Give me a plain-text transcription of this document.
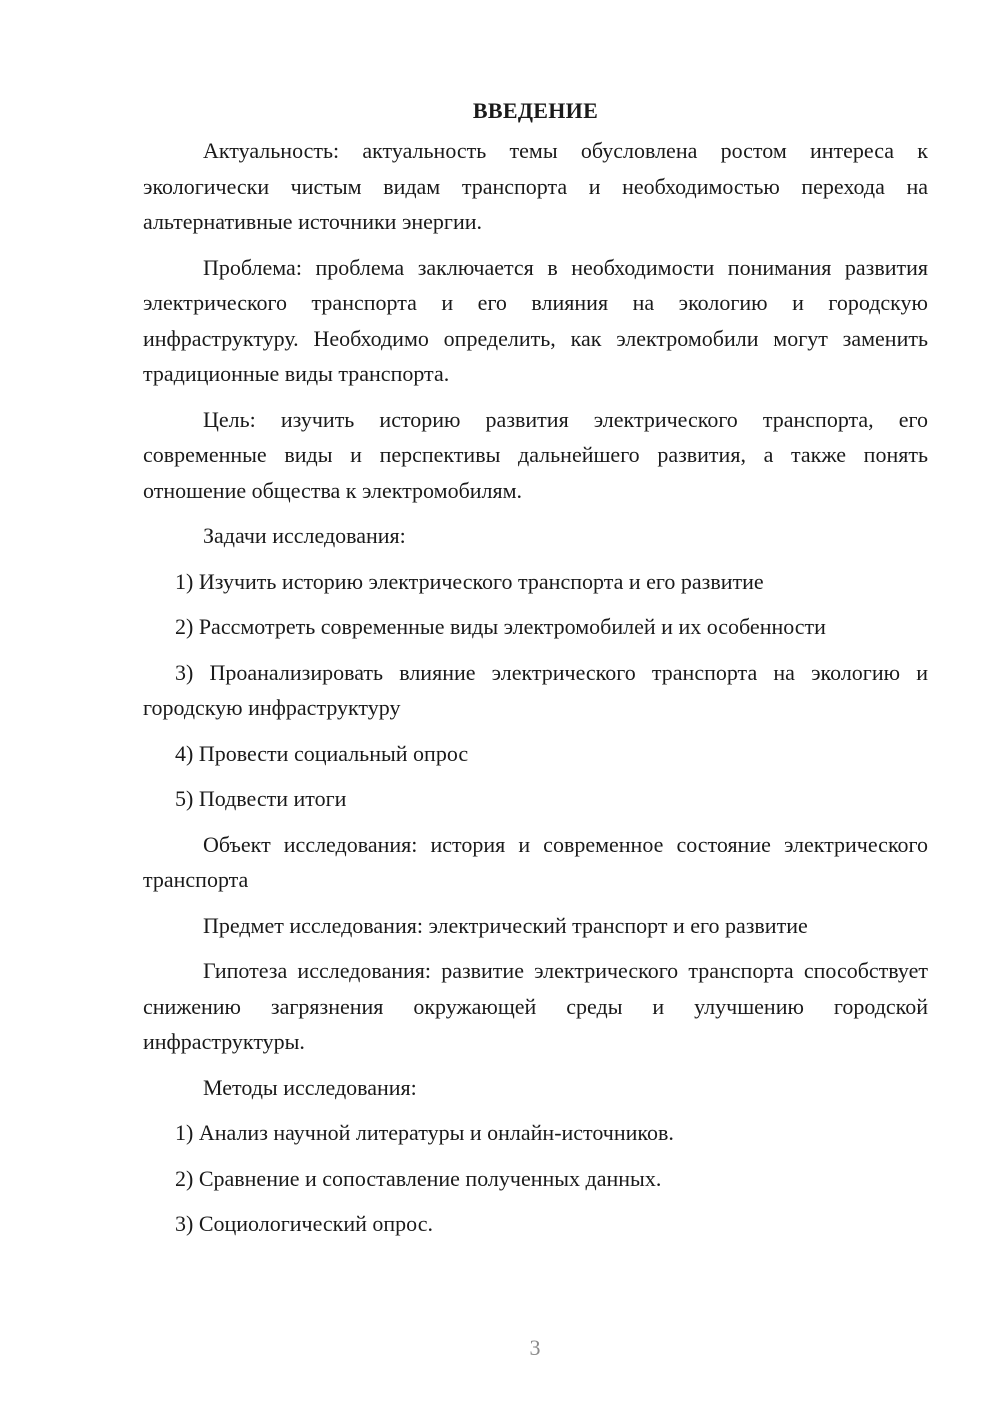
ВВЕДЕНИЕ

Актуальность: актуальность темы обусловлена ростом интереса к экологически чистым видам транспорта и необходимостью перехода на альтернативные источники энергии.

Проблема: проблема заключается в необходимости понимания развития электрического транспорта и его влияния на экологию и городскую инфраструктуру. Необходимо определить, как электромобили могут заменить традиционные виды транспорта.

Цель: изучить историю развития электрического транспорта, его современные виды и перспективы дальнейшего развития, а также понять отношение общества к электромобилям.

Задачи исследования:

1) Изучить историю электрического транспорта и его развитие

2) Рассмотреть современные виды электромобилей и их особенности

3) Проанализировать влияние электрического транспорта на экологию и городскую инфраструктуру

4) Провести социальный опрос

5) Подвести итоги

Объект исследования: история и современное состояние электрического транспорта

Предмет исследования: электрический транспорт и его развитие

Гипотеза исследования: развитие электрического транспорта способствует снижению загрязнения окружающей среды и улучшению городской инфраструктуры.

Методы исследования:

1) Анализ научной литературы и онлайн-источников.

2) Сравнение и сопоставление полученных данных.

3) Социологический опрос.

3
